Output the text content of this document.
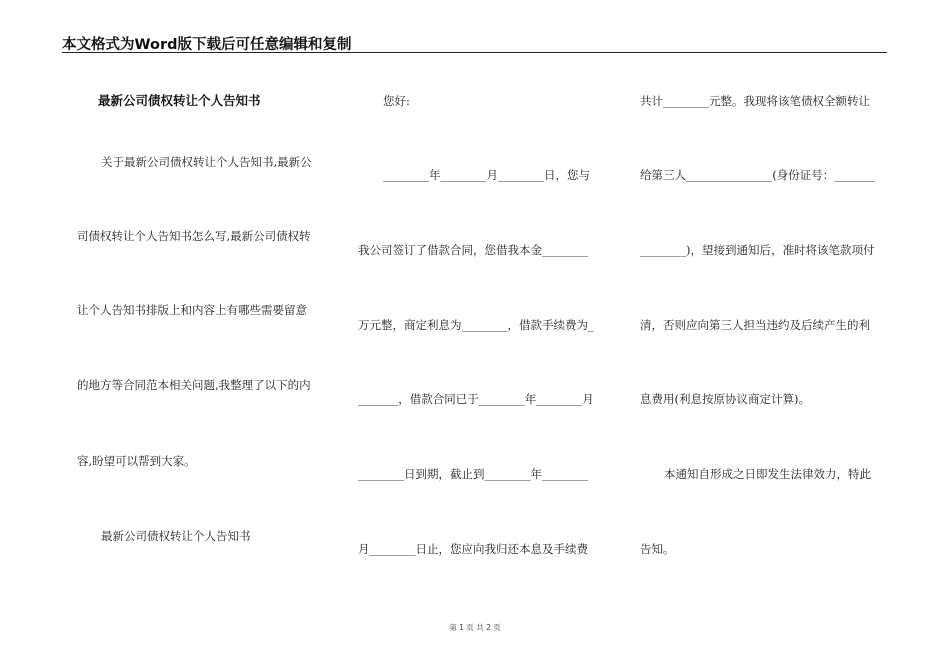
本文格式为Word版下载后可任意编辑和复制
最新公司债权转让个人告知书
关于最新公司债权转让个人告知书,最新公
司债权转让个人告知书怎么写,最新公司债权转
让个人告知书排版上和内容上有哪些需要留意
的地方等合同范本相关问题,我整理了以下的内
容,盼望可以帮到大家。
最新公司债权转让个人告知书
您好:
________年________月________日，您与
我公司签订了借款合同，您借我本金________
万元整，商定利息为________，借款手续费为_
_______，借款合同已于________年________月
________日到期，截止到________年________
月________日止，您应向我归还本息及手续费
共计________元整。我现将该笔债权全额转让
给第三人_______________(身份证号：_______
________)，望接到通知后，准时将该笔款项付
清，否则应向第三人担当违约及后续产生的利
息费用(利息按原协议商定计算)。
本通知自形成之日即发生法律效力，特此
告知。
第 1 页 共 2 页
